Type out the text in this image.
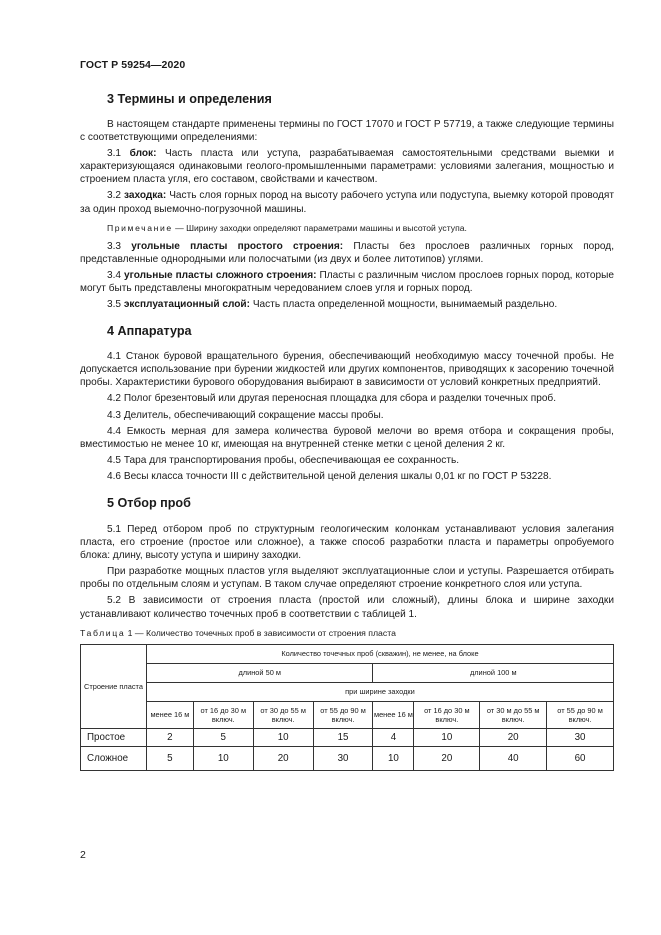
ГОСТ Р 59254—2020
3 Термины и определения

В настоящем стандарте применены термины по ГОСТ 17070 и ГОСТ Р 57719, а также следующие термины с соответствующими определениями:

3.1 блок: Часть пласта или уступа, разрабатываемая самостоятельными средствами выемки и характеризующаяся одинаковыми геолого-промышленными параметрами: условиями залегания, мощностью и строением пласта угля, его составом, свойствами и качеством.

3.2 заходка: Часть слоя горных пород на высоту рабочего уступа или подуступа, выемку которой проводят за один проход выемочно-погрузочной машины.

Примечание — Ширину заходки определяют параметрами машины и высотой уступа.

3.3 угольные пласты простого строения: Пласты без прослоев различных горных пород, представленные однородными или полосчатыми (из двух и более литотипов) углями.

3.4 угольные пласты сложного строения: Пласты с различным числом прослоев горных пород, которые могут быть представлены многократным чередованием слоев угля и горных пород.

3.5 эксплуатационный слой: Часть пласта определенной мощности, вынимаемый раздельно.

4 Аппаратура

4.1 Станок буровой вращательного бурения, обеспечивающий необходимую массу точечной пробы. Не допускается использование при бурении жидкостей или других компонентов, приводящих к засорению точечной пробы. Характеристики бурового оборудования выбирают в зависимости от условий конкретных предприятий.

4.2 Полог брезентовый или другая переносная площадка для сбора и разделки точечных проб.

4.3 Делитель, обеспечивающий сокращение массы пробы.

4.4 Емкость мерная для замера количества буровой мелочи во время отбора и сокращения пробы, вместимостью не менее 10 кг, имеющая на внутренней стенке метки с ценой деления 2 кг.

4.5 Тара для транспортирования пробы, обеспечивающая ее сохранность.

4.6 Весы класса точности III с действительной ценой деления шкалы 0,01 кг по ГОСТ Р 53228.

5 Отбор проб

5.1 Перед отбором проб по структурным геологическим колонкам устанавливают условия залегания пласта, его строение (простое или сложное), а также способ разработки пласта и параметры опробуемого блока: длину, высоту уступа и ширину заходки.

При разработке мощных пластов угля выделяют эксплуатационные слои и уступы. Разрешается отбирать пробы по отдельным слоям и уступам. В таком случае определяют строение конкретного слоя или уступа.

5.2 В зависимости от строения пласта (простой или сложный), длины блока и ширине заходки устанавливают количество точечных проб в соответствии с таблицей 1.

Таблица 1 — Количество точечных проб в зависимости от строения пласта

Строение пласта	Количество точечных проб (скважин), не менее, на блоке							
	длиной 50 м				длиной 100 м			
	при ширине заходки							
	менее 16 м	от 16 до 30 м включ.	от 30 до 55 м включ.	от 55 до 90 м включ.	менее 16 м	от 16 до 30 м включ.	от 30 м до 55 м включ.	от 55 до 90 м включ.
Простое	2	5	10	15	4	10	20	30
Сложное	5	10	20	30	10	20	40	60
2
